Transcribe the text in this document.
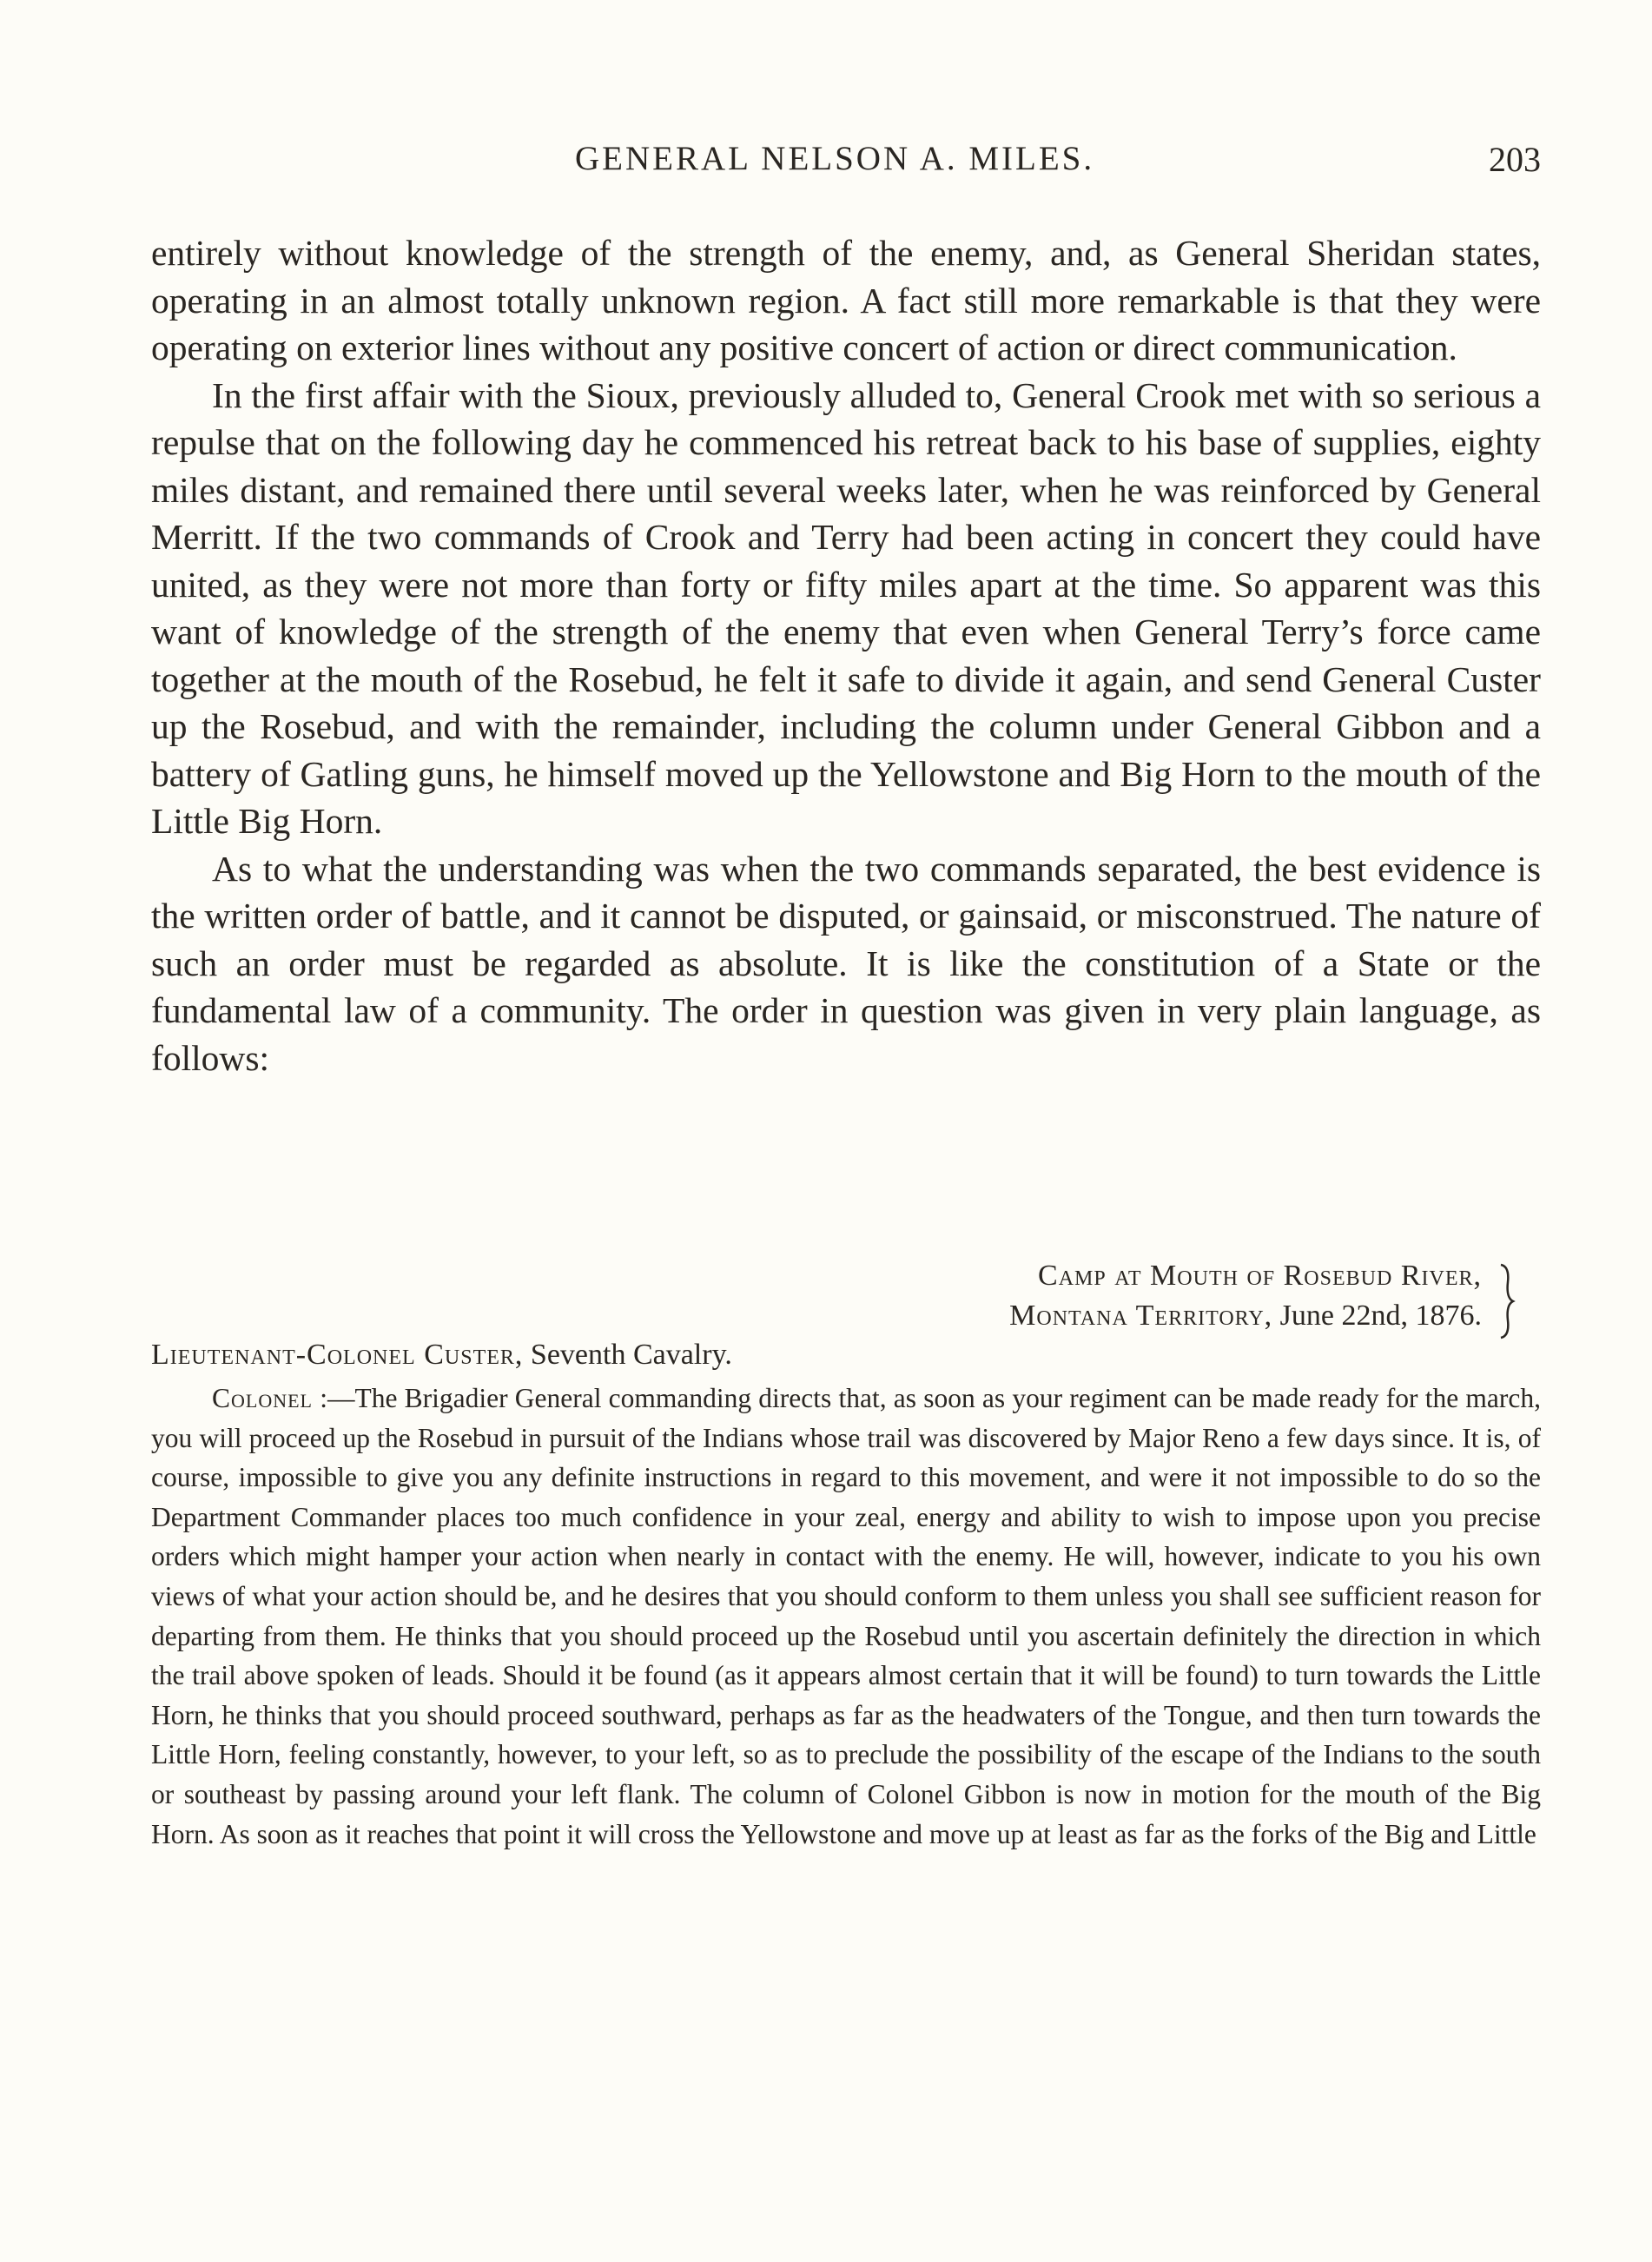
GENERAL NELSON A. MILES.	203

entirely without knowledge of the strength of the enemy, and, as General Sheridan states, operating in an almost totally unknown region. A fact still more remarkable is that they were operating on exterior lines without any positive concert of action or direct communication.

In the first affair with the Sioux, previously alluded to, General Crook met with so serious a repulse that on the following day he commenced his retreat back to his base of supplies, eighty miles distant, and remained there until several weeks later, when he was reinforced by General Merritt. If the two commands of Crook and Terry had been acting in concert they could have united, as they were not more than forty or fifty miles apart at the time. So apparent was this want of knowledge of the strength of the enemy that even when General Terry’s force came together at the mouth of the Rosebud, he felt it safe to divide it again, and send General Custer up the Rosebud, and with the remainder, including the column under General Gibbon and a battery of Gatling guns, he himself moved up the Yellowstone and Big Horn to the mouth of the Little Big Horn.

As to what the understanding was when the two commands separated, the best evidence is the written order of battle, and it cannot be disputed, or gainsaid, or misconstrued. The nature of such an order must be regarded as absolute. It is like the constitution of a State or the fundamental law of a community. The order in question was given in very plain language, as follows:

Camp at Mouth of Rosebud River,
Montana Territory, June 22nd, 1876.
Lieutenant-Colonel Custer, Seventh Cavalry.

Colonel :—The Brigadier General commanding directs that, as soon as your regiment can be made ready for the march, you will proceed up the Rosebud in pursuit of the Indians whose trail was discovered by Major Reno a few days since. It is, of course, impossible to give you any definite instructions in regard to this movement, and were it not impossible to do so the Department Commander places too much confidence in your zeal, energy and ability to wish to impose upon you precise orders which might hamper your action when nearly in contact with the enemy. He will, however, indicate to you his own views of what your action should be, and he desires that you should conform to them unless you shall see sufficient reason for departing from them. He thinks that you should proceed up the Rosebud until you ascertain definitely the direction in which the trail above spoken of leads. Should it be found (as it appears almost certain that it will be found) to turn towards the Little Horn, he thinks that you should proceed southward, perhaps as far as the headwaters of the Tongue, and then turn towards the Little Horn, feeling constantly, however, to your left, so as to preclude the possibility of the escape of the Indians to the south or southeast by passing around your left flank. The column of Colonel Gibbon is now in motion for the mouth of the Big Horn. As soon as it reaches that point it will cross the Yellowstone and move up at least as far as the forks of the Big and Little
